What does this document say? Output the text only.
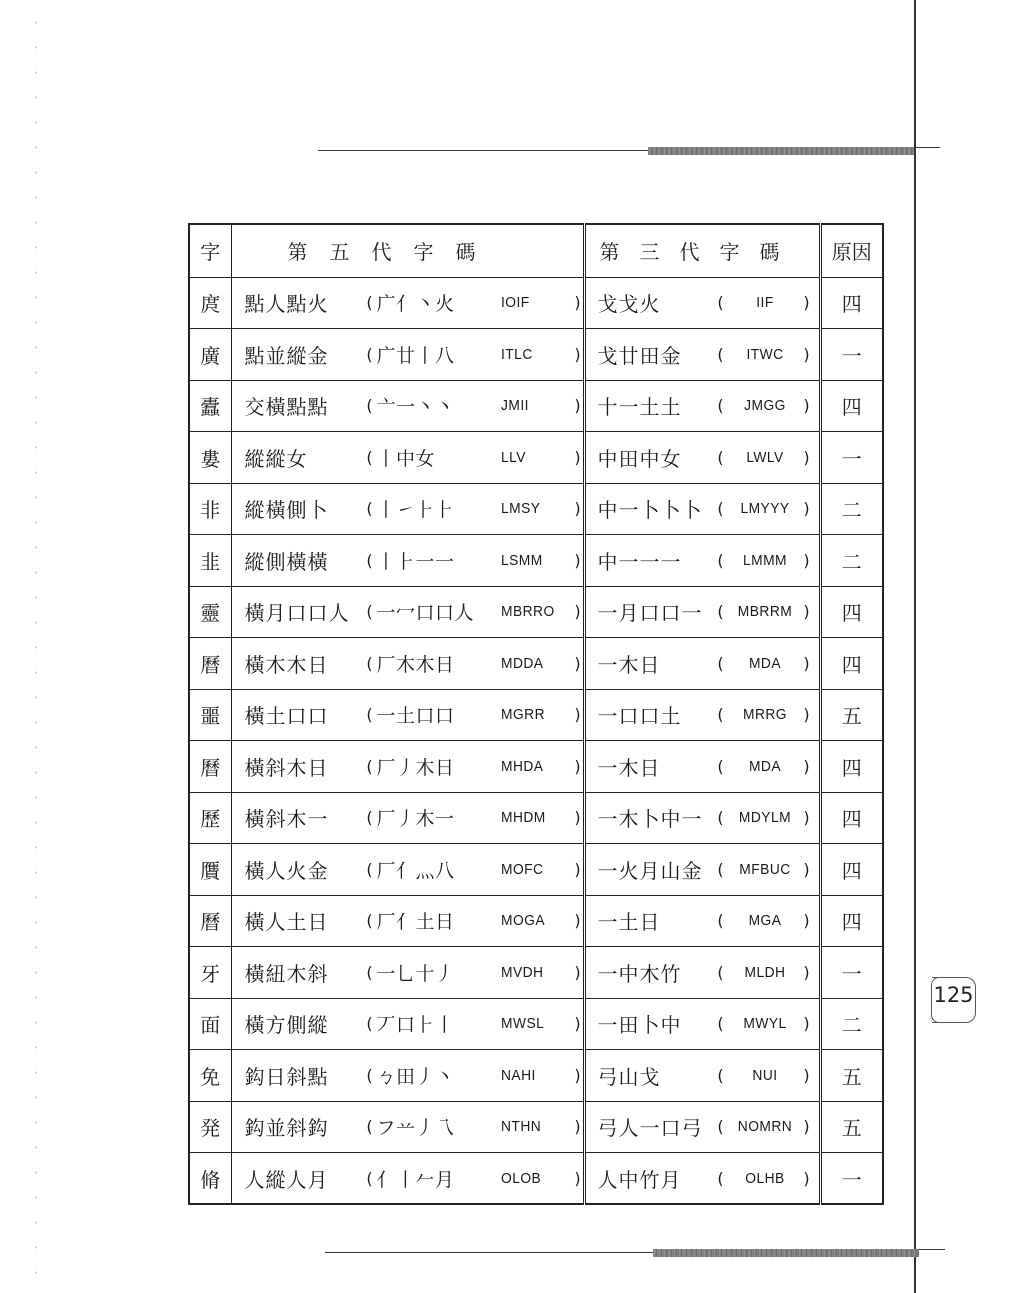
字	第五代字碼	第三代字碼	原因
庹	點人點火 ( 广亻丶火 IOIF )	戈戈火 ( IIF )	四
廣	點並縱金 ( 广廿丨八 ITLC )	戈廿田金 ( ITWC )	一
蠹	交橫點點 ( 亠一丶丶 JMII )	十一土土 ( JMGG )	四
婁	縱縱女 ( 丨中女 LLV )	中田中女 ( LWLV )	一
非	縱橫側卜 ( 丨㇀⺊⺊ LMSY )	中一卜卜卜 ( LMYYY )	二
韭	縱側橫橫 ( 丨⺊一一 LSMM )	中一一一 ( LMMM )	二
靈	橫月口口人 ( 一冖口口人 MBRRO )	一月口口一 ( MBRRM )	四
曆	橫木木日 ( 厂木木日 MDDA )	一木日 ( MDA )	四
噩	橫土口口 ( 一土口口 MGRR )	一口口土 ( MRRG )	五
曆	橫斜木日 ( 厂丿木日 MHDA )	一木日 ( MDA )	四
歷	橫斜木一 ( 厂丿木一 MHDM )	一木卜中一 ( MDYLM )	四
贋	橫人火金 ( 厂亻灬八 MOFC )	一火月山金 ( MFBUC )	四
曆	橫人土日 ( 厂亻土日 MOGA )	一土日 ( MGA )	四
牙	橫紐木斜 ( 一乚十丿 MVDH )	一中木竹 ( MLDH )	一
面	橫方側縱 ( 丆口⺊丨 MWSL )	一田卜中 ( MWYL )	二
免	鈎日斜點 ( ㄅ田丿丶 NAHI )	弓山戈 ( NUI )	五
発	鈎並斜鈎 ( フ䒑丿乁 NTHN )	弓人一口弓 ( NOMRN )	五
脩	人縱人月 ( 亻丨𠂉月 OLOB )	人中竹月 ( OLHB )	一
125
